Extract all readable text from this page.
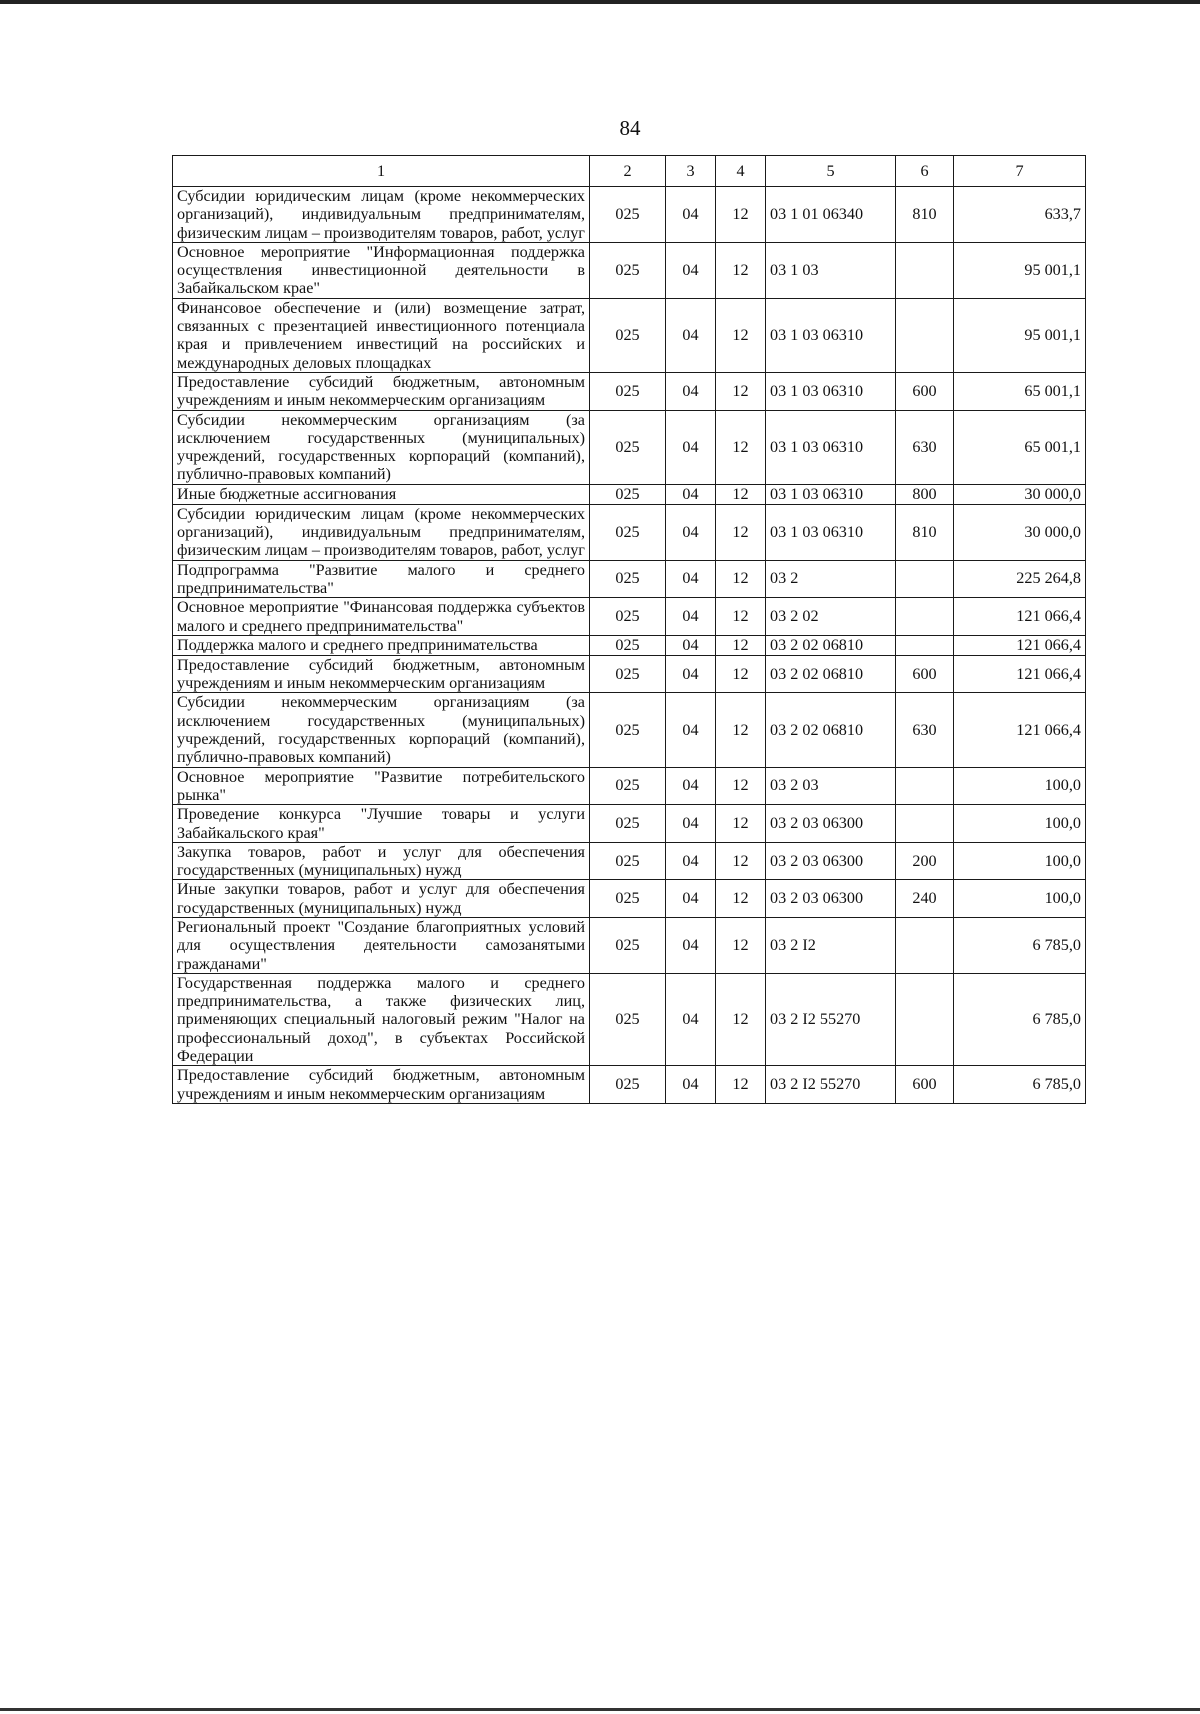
84
1	2	3	4	5	6	7
Субсидии юридическим лицам (кроме некоммерческих организаций), индивидуальным предпринимателям, физическим лицам – производителям товаров, работ, услуг	025	04	12	03 1 01 06340	810	633,7
Основное мероприятие "Информационная поддержка осуществления инвестиционной деятельности в Забайкальском крае"	025	04	12	03 1 03		95 001,1
Финансовое обеспечение и (или) возмещение затрат, связанных с презентацией инвестиционного потенциала края и привлечением инвестиций на российских и международных деловых площадках	025	04	12	03 1 03 06310		95 001,1
Предоставление субсидий бюджетным, автономным учреждениям и иным некоммерческим организациям	025	04	12	03 1 03 06310	600	65 001,1
Субсидии некоммерческим организациям (за исключением государственных (муниципальных) учреждений, государственных корпораций (компаний), публично-правовых компаний)	025	04	12	03 1 03 06310	630	65 001,1
Иные бюджетные ассигнования	025	04	12	03 1 03 06310	800	30 000,0
Субсидии юридическим лицам (кроме некоммерческих организаций), индивидуальным предпринимателям, физическим лицам – производителям товаров, работ, услуг	025	04	12	03 1 03 06310	810	30 000,0
Подпрограмма "Развитие малого и среднего предпринимательства"	025	04	12	03 2		225 264,8
Основное мероприятие "Финансовая поддержка субъектов малого и среднего предпринимательства"	025	04	12	03 2 02		121 066,4
Поддержка малого и среднего предпринимательства	025	04	12	03 2 02 06810		121 066,4
Предоставление субсидий бюджетным, автономным учреждениям и иным некоммерческим организациям	025	04	12	03 2 02 06810	600	121 066,4
Субсидии некоммерческим организациям (за исключением государственных (муниципальных) учреждений, государственных корпораций (компаний), публично-правовых компаний)	025	04	12	03 2 02 06810	630	121 066,4
Основное мероприятие "Развитие потребительского рынка"	025	04	12	03 2 03		100,0
Проведение конкурса "Лучшие товары и услуги Забайкальского края"	025	04	12	03 2 03 06300		100,0
Закупка товаров, работ и услуг для обеспечения государственных (муниципальных) нужд	025	04	12	03 2 03 06300	200	100,0
Иные закупки товаров, работ и услуг для обеспечения государственных (муниципальных) нужд	025	04	12	03 2 03 06300	240	100,0
Региональный проект "Создание благоприятных условий для осуществления деятельности самозанятыми гражданами"	025	04	12	03 2 I2		6 785,0
Государственная поддержка малого и среднего предпринимательства, а также физических лиц, применяющих специальный налоговый режим "Налог на профессиональный доход", в субъектах Российской Федерации	025	04	12	03 2 I2 55270		6 785,0
Предоставление субсидий бюджетным, автономным учреждениям и иным некоммерческим организациям	025	04	12	03 2 I2 55270	600	6 785,0
